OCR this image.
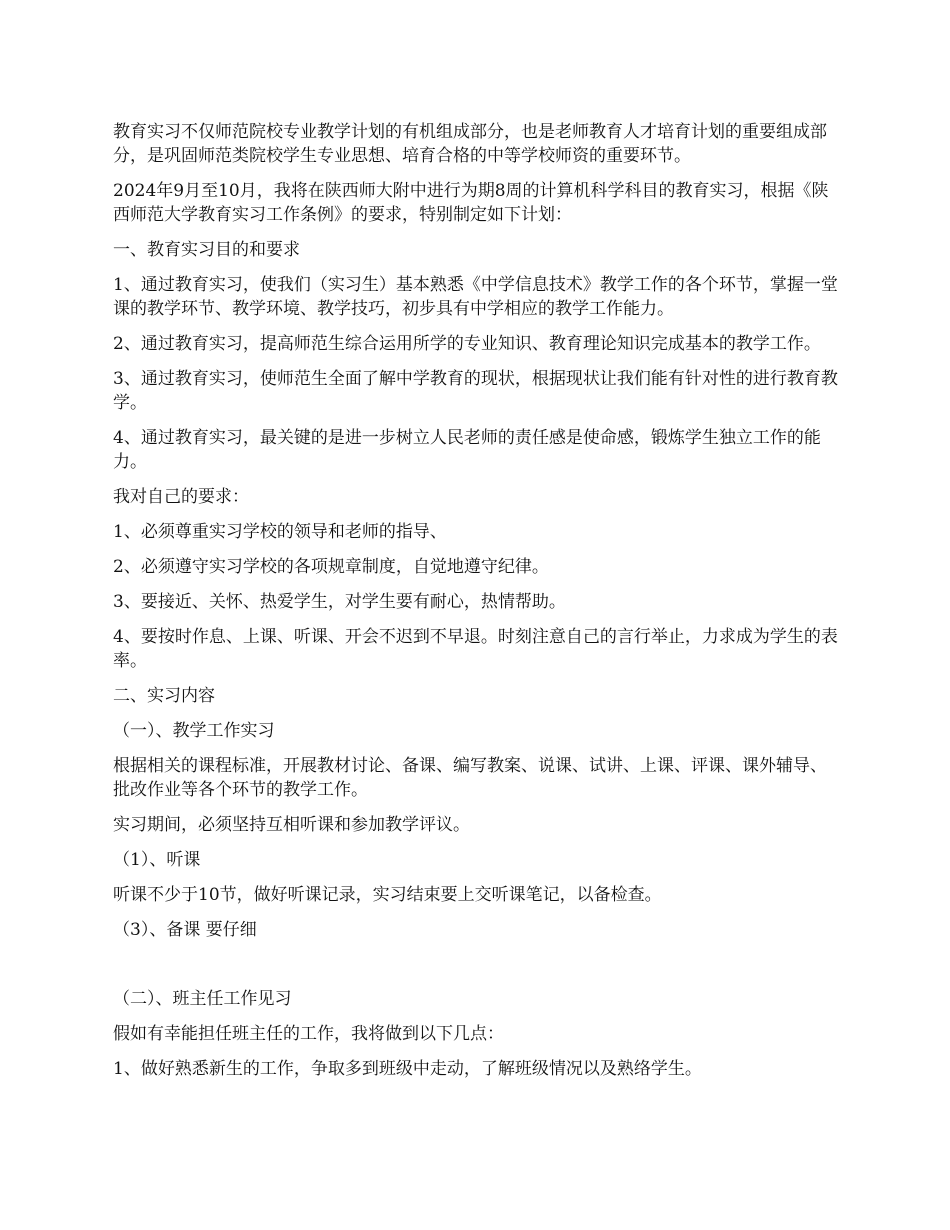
教育实习不仅师范院校专业教学计划的有机组成部分，也是老师教育人才培育计划的重要组成部分，是巩固师范类院校学生专业思想、培育合格的中等学校师资的重要环节。

2024年9月至10月，我将在陕西师大附中进行为期8周的计算机科学科目的教育实习，根据《陕西师范大学教育实习工作条例》的要求，特别制定如下计划：

一、教育实习目的和要求

1、通过教育实习，使我们（实习生）基本熟悉《中学信息技术》教学工作的各个环节，掌握一堂课的教学环节、教学环境、教学技巧，初步具有中学相应的教学工作能力。

2、通过教育实习，提高师范生综合运用所学的专业知识、教育理论知识完成基本的教学工作。

3、通过教育实习，使师范生全面了解中学教育的现状，根据现状让我们能有针对性的进行教育教学。

4、通过教育实习，最关键的是进一步树立人民老师的责任感是使命感，锻炼学生独立工作的能力。

我对自己的要求：

1、必须尊重实习学校的领导和老师的指导、

2、必须遵守实习学校的各项规章制度，自觉地遵守纪律。

3、要接近、关怀、热爱学生，对学生要有耐心，热情帮助。

4、要按时作息、上课、听课、开会不迟到不早退。时刻注意自己的言行举止，力求成为学生的表率。

二、实习内容

（一）、教学工作实习

根据相关的课程标准，开展教材讨论、备课、编写教案、说课、试讲、上课、评课、课外辅导、批改作业等各个环节的教学工作。

实习期间，必须坚持互相听课和参加教学评议。

（1）、听课

听课不少于10节，做好听课记录，实习结束要上交听课笔记，以备检查。

（3）、备课 要仔细

（二）、班主任工作见习

假如有幸能担任班主任的工作，我将做到以下几点：

1、做好熟悉新生的工作，争取多到班级中走动，了解班级情况以及熟络学生。
